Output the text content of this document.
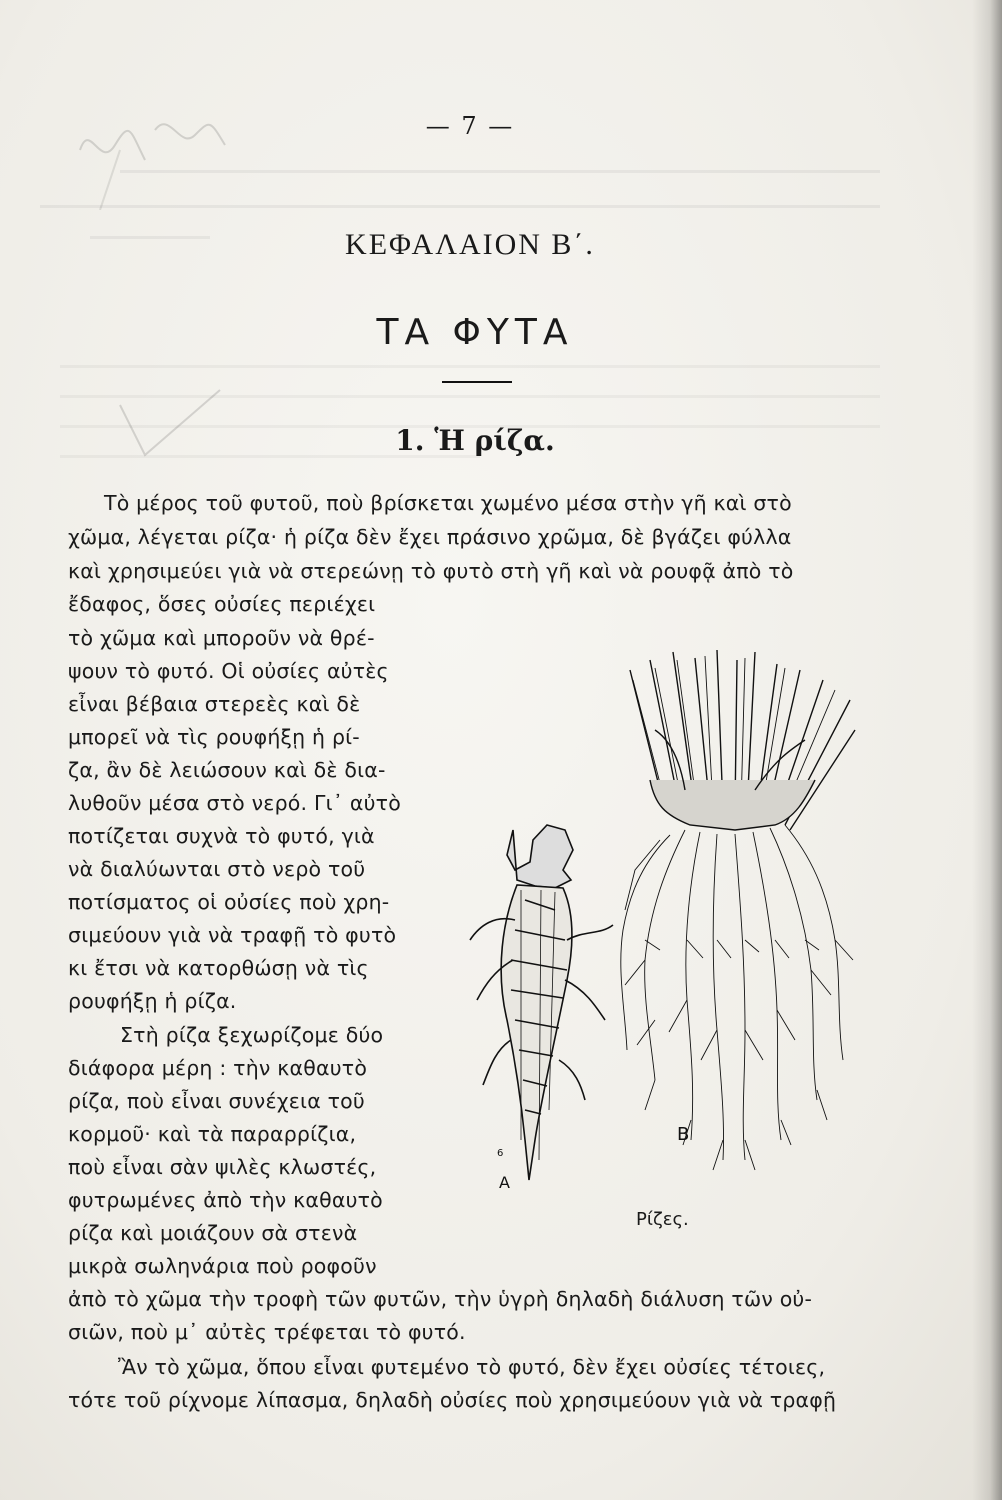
— 7 —
ΚΕΦΑΛΑΙΟΝ Β΄.
ΤΑ ΦΥΤΑ
1. Ἡ ρίζα.
Τὸ μέρος τοῦ φυτοῦ, ποὺ βρίσκεται χωμένο μέσα στὴν γῆ καὶ στὸ
χῶμα, λέγεται ρίζα· ἡ ρίζα δὲν ἔχει πράσινο χρῶμα, δὲ βγάζει φύλλα
καὶ χρησιμεύει γιὰ νὰ στερεώνῃ τὸ φυτὸ στὴ γῆ καὶ νὰ ρουφᾷ ἀπὸ τὸ
ἔδαφος, ὅσες οὐσίες περιέχει
τὸ χῶμα καὶ μποροῦν νὰ θρέ-
ψουν τὸ φυτό. Οἱ οὐσίες αὐτὲς
εἶναι βέβαια στερεὲς καὶ δὲ
μπορεῖ νὰ τὶς ρουφήξῃ ἡ ρί-
ζα, ἂν δὲ λειώσουν καὶ δὲ δια-
λυθοῦν μέσα στὸ νερό. Γι᾽ αὐτὸ
ποτίζεται συχνὰ τὸ φυτό, γιὰ
νὰ διαλύωνται στὸ νερὸ τοῦ
ποτίσματος οἱ οὐσίες ποὺ χρη-
σιμεύουν γιὰ νὰ τραφῇ τὸ φυτὸ
κι ἔτσι νὰ κατορθώσῃ νὰ τὶς
ρουφήξῃ ἡ ρίζα.
Στὴ ρίζα ξεχωρίζομε δύο
διάφορα μέρη : τὴν καθαυτὸ
ρίζα, ποὺ εἶναι συνέχεια τοῦ
κορμοῦ· καὶ τὰ παραρρίζια,
ποὺ εἶναι σὰν ψιλὲς κλωστές,
φυτρωμένες ἀπὸ τὴν καθαυτὸ
ρίζα καὶ μοιάζουν σὰ στενὰ
μικρὰ σωληνάρια ποὺ ροφοῦν
ἀπὸ τὸ χῶμα τὴν τροφὴ τῶν φυτῶν, τὴν ὑγρὴ δηλαδὴ διάλυση τῶν οὐ-
σιῶν, ποὺ μ᾽ αὐτὲς τρέφεται τὸ φυτό.
Ἂν τὸ χῶμα, ὅπου εἶναι φυτεμένο τὸ φυτό, δὲν ἔχει οὐσίες τέτοιες,
τότε τοῦ ρίχνομε λίπασμα, δηλαδὴ οὐσίες ποὺ χρησιμεύουν γιὰ νὰ τραφῇ
A
6
B
Ρίζες.
